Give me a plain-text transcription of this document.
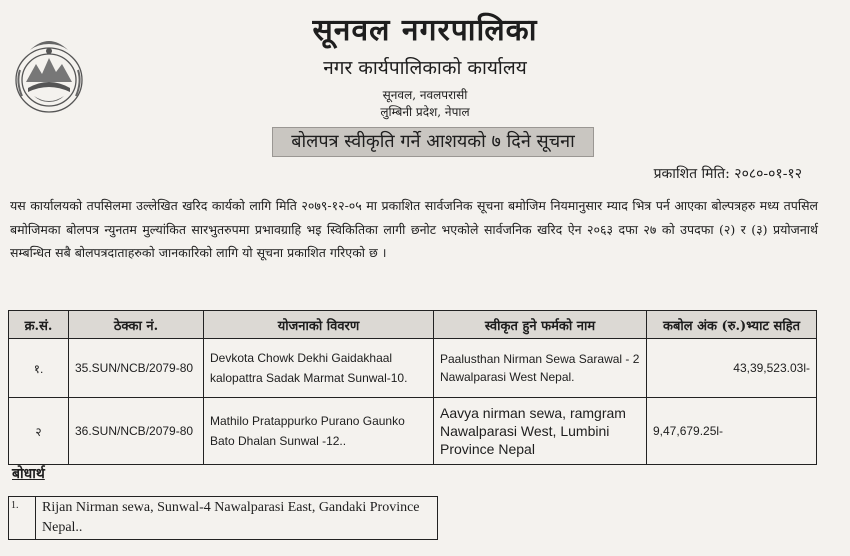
सूनवल नगरपालिका
नगर कार्यपालिकाको कार्यालय
सूनवल, नवलपरासी
लुम्बिनी प्रदेश, नेपाल
बोलपत्र स्वीकृति गर्ने आशयको ७ दिने सूचना
प्रकाशित मिति: २०८०-०१-१२
यस कार्यालयको तपसिलमा उल्लेखित खरिद कार्यको लागि मिति २०७९-१२-०५ मा प्रकाशित सार्वजनिक सूचना बमोजिम नियमानुसार म्याद भित्र पर्न आएका बोल्पत्रहरु मध्य तपसिल बमोजिमका बोलपत्र न्युनतम मुल्यांकित सारभुतरुपमा प्रभावग्राहि भइ स्विकितिका लागी छनोट भएकोले सार्वजनिक खरिद ऐन २०६३ दफा २७ को उपदफा (२) र (३) प्रयोजनार्थ सम्बन्धित सबै बोलपत्रदाताहरुको जानकारिको लागि यो सूचना प्रकाशित गरिएको छ ।
क्र.सं.	ठेक्का नं.	योजनाको विवरण	स्वीकृत हुने फर्मको नाम	कबोल अंक (रु.)भ्याट सहित
१.	35.SUN/NCB/2079-80	Devkota Chowk Dekhi Gaidakhaal kalopattra Sadak Marmat Sunwal-10.	Paalusthan Nirman Sewa Sarawal - 2 Nawalparasi West Nepal.	43,39,523.03l-
२	36.SUN/NCB/2079-80	Mathilo Pratappurko Purano Gaunko Bato Dhalan Sunwal -12..	Aavya nirman sewa, ramgram Nawalparasi West, Lumbini Province Nepal	9,47,679.25l-
बोधार्थ
1.	Rijan Nirman sewa, Sunwal-4 Nawalparasi East, Gandaki Province Nepal..
